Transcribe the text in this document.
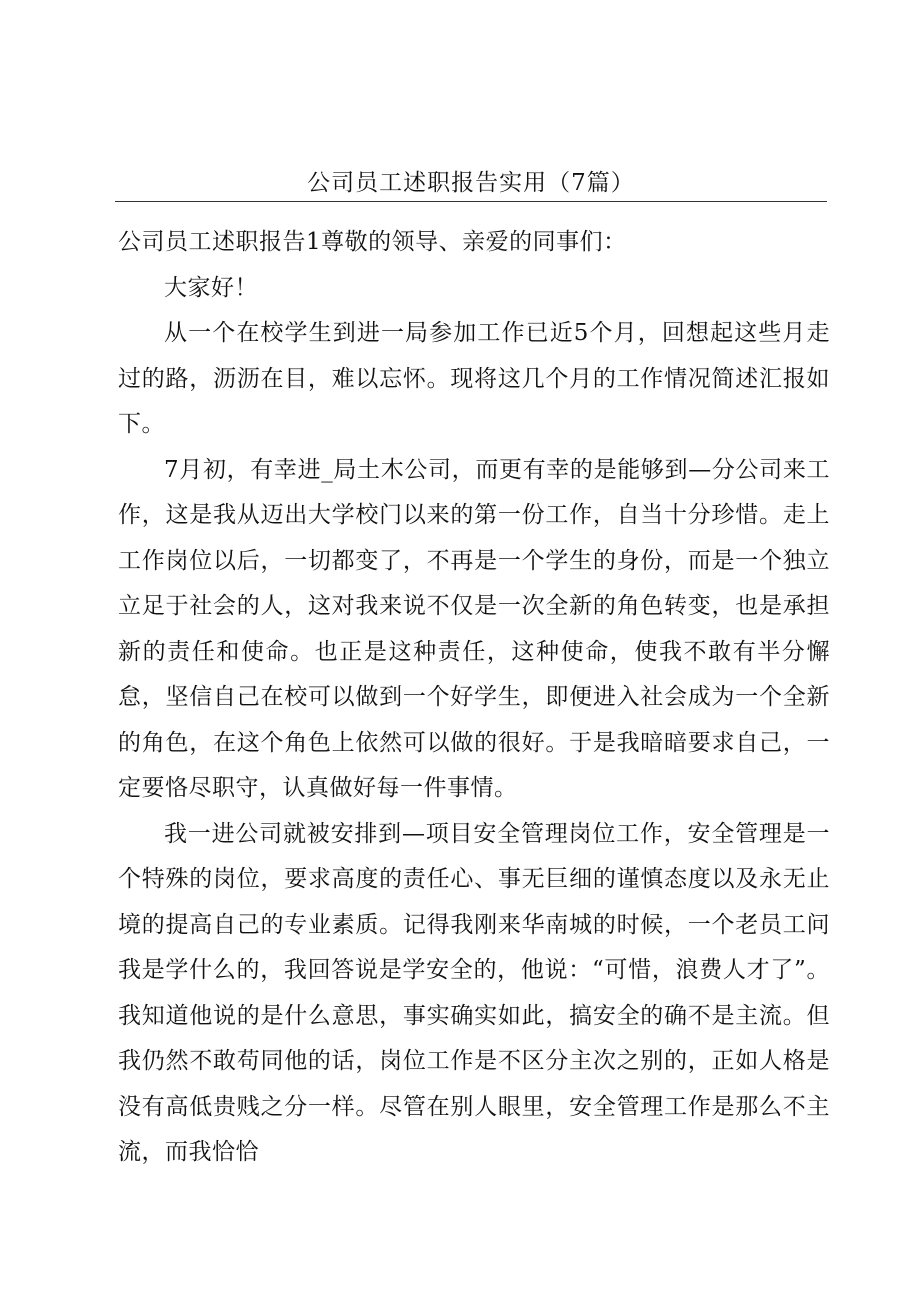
公司员工述职报告实用（7篇）

公司员工述职报告1尊敬的领导、亲爱的同事们：

大家好！

从一个在校学生到进一局参加工作已近5个月，回想起这些月走过的路，沥沥在目，难以忘怀。现将这几个月的工作情况简述汇报如下。

7月初，有幸进_局土木公司，而更有幸的是能够到—分公司来工作，这是我从迈出大学校门以来的第一份工作，自当十分珍惜。走上工作岗位以后，一切都变了，不再是一个学生的身份，而是一个独立立足于社会的人，这对我来说不仅是一次全新的角色转变，也是承担新的责任和使命。也正是这种责任，这种使命，使我不敢有半分懈怠，坚信自己在校可以做到一个好学生，即便进入社会成为一个全新的角色，在这个角色上依然可以做的很好。于是我暗暗要求自己，一定要恪尽职守，认真做好每一件事情。

我一进公司就被安排到—项目安全管理岗位工作，安全管理是一个特殊的岗位，要求高度的责任心、事无巨细的谨慎态度以及永无止境的提高自己的专业素质。记得我刚来华南城的时候，一个老员工问我是学什么的，我回答说是学安全的，他说：“可惜，浪费人才了”。我知道他说的是什么意思，事实确实如此，搞安全的确不是主流。但我仍然不敢苟同他的话，岗位工作是不区分主次之别的，正如人格是没有高低贵贱之分一样。尽管在别人眼里，安全管理工作是那么不主流，而我恰恰
